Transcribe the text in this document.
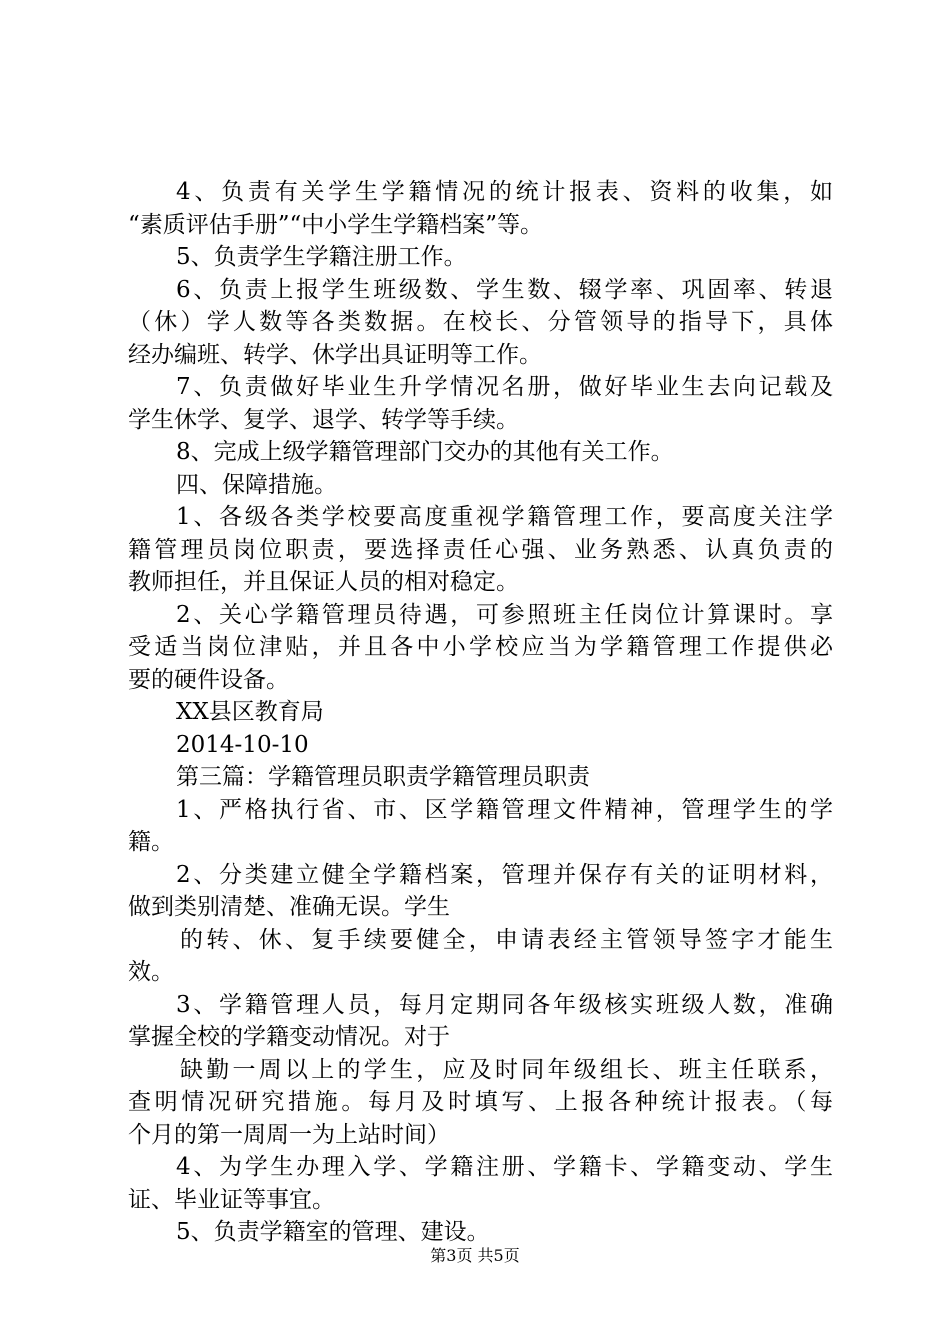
4、负责有关学生学籍情况的统计报表、资料的收集，如
“素质评估手册”“中小学生学籍档案”等。
5、负责学生学籍注册工作。
6、负责上报学生班级数、学生数、辍学率、巩固率、转退
（休）学人数等各类数据。在校长、分管领导的指导下，具体
经办编班、转学、休学出具证明等工作。
7、负责做好毕业生升学情况名册，做好毕业生去向记载及
学生休学、复学、退学、转学等手续。
8、完成上级学籍管理部门交办的其他有关工作。
四、保障措施。
1、各级各类学校要高度重视学籍管理工作，要高度关注学
籍管理员岗位职责，要选择责任心强、业务熟悉、认真负责的
教师担任，并且保证人员的相对稳定。
2、关心学籍管理员待遇，可参照班主任岗位计算课时。享
受适当岗位津贴，并且各中小学校应当为学籍管理工作提供必
要的硬件设备。
XX县区教育局
2014-10-10
第三篇：学籍管理员职责学籍管理员职责
1、严格执行省、市、区学籍管理文件精神，管理学生的学
籍。
2、分类建立健全学籍档案，管理并保存有关的证明材料，
做到类别清楚、准确无误。学生
的转、休、复手续要健全，申请表经主管领导签字才能生
效。
3、学籍管理人员，每月定期同各年级核实班级人数，准确
掌握全校的学籍变动情况。对于
缺勤一周以上的学生，应及时同年级组长、班主任联系，
查明情况研究措施。每月及时填写、上报各种统计报表。（每
个月的第一周周一为上站时间）
4、为学生办理入学、学籍注册、学籍卡、学籍变动、学生
证、毕业证等事宜。
5、负责学籍室的管理、建设。
第3页 共5页
